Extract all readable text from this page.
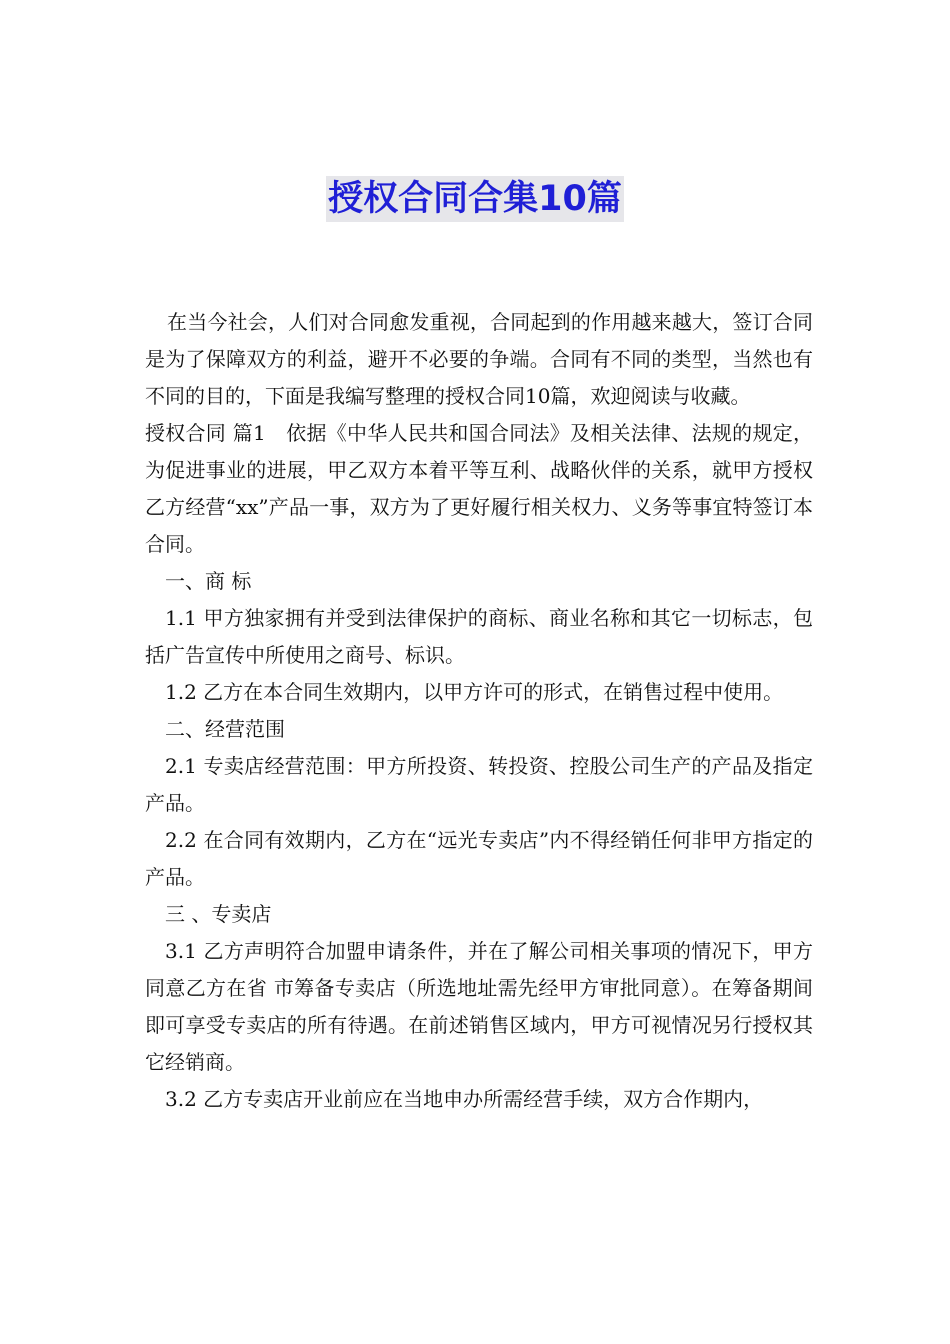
授权合同合集10篇

在当今社会，人们对合同愈发重视，合同起到的作用越来越大，签订合同是为了保障双方的利益，避开不必要的争端。合同有不同的类型，当然也有不同的目的，下面是我编写整理的授权合同10篇，欢迎阅读与收藏。

授权合同 篇1　依据《中华人民共和国合同法》及相关法律、法规的规定，为促进事业的进展，甲乙双方本着平等互利、战略伙伴的关系，就甲方授权乙方经营“xx”产品一事，双方为了更好履行相关权力、义务等事宜特签订本合同。

一、商 标

1.1 甲方独家拥有并受到法律保护的商标、商业名称和其它一切标志，包括广告宣传中所使用之商号、标识。

1.2 乙方在本合同生效期内，以甲方许可的形式，在销售过程中使用。

二、经营范围

2.1 专卖店经营范围：甲方所投资、转投资、控股公司生产的产品及指定产品。

2.2 在合同有效期内，乙方在“远光专卖店”内不得经销任何非甲方指定的产品。

三 、专卖店

3.1 乙方声明符合加盟申请条件，并在了解公司相关事项的情况下，甲方同意乙方在省 市筹备专卖店（所选地址需先经甲方审批同意）。在筹备期间即可享受专卖店的所有待遇。在前述销售区域内，甲方可视情况另行授权其它经销商。

3.2 乙方专卖店开业前应在当地申办所需经营手续，双方合作期内，
